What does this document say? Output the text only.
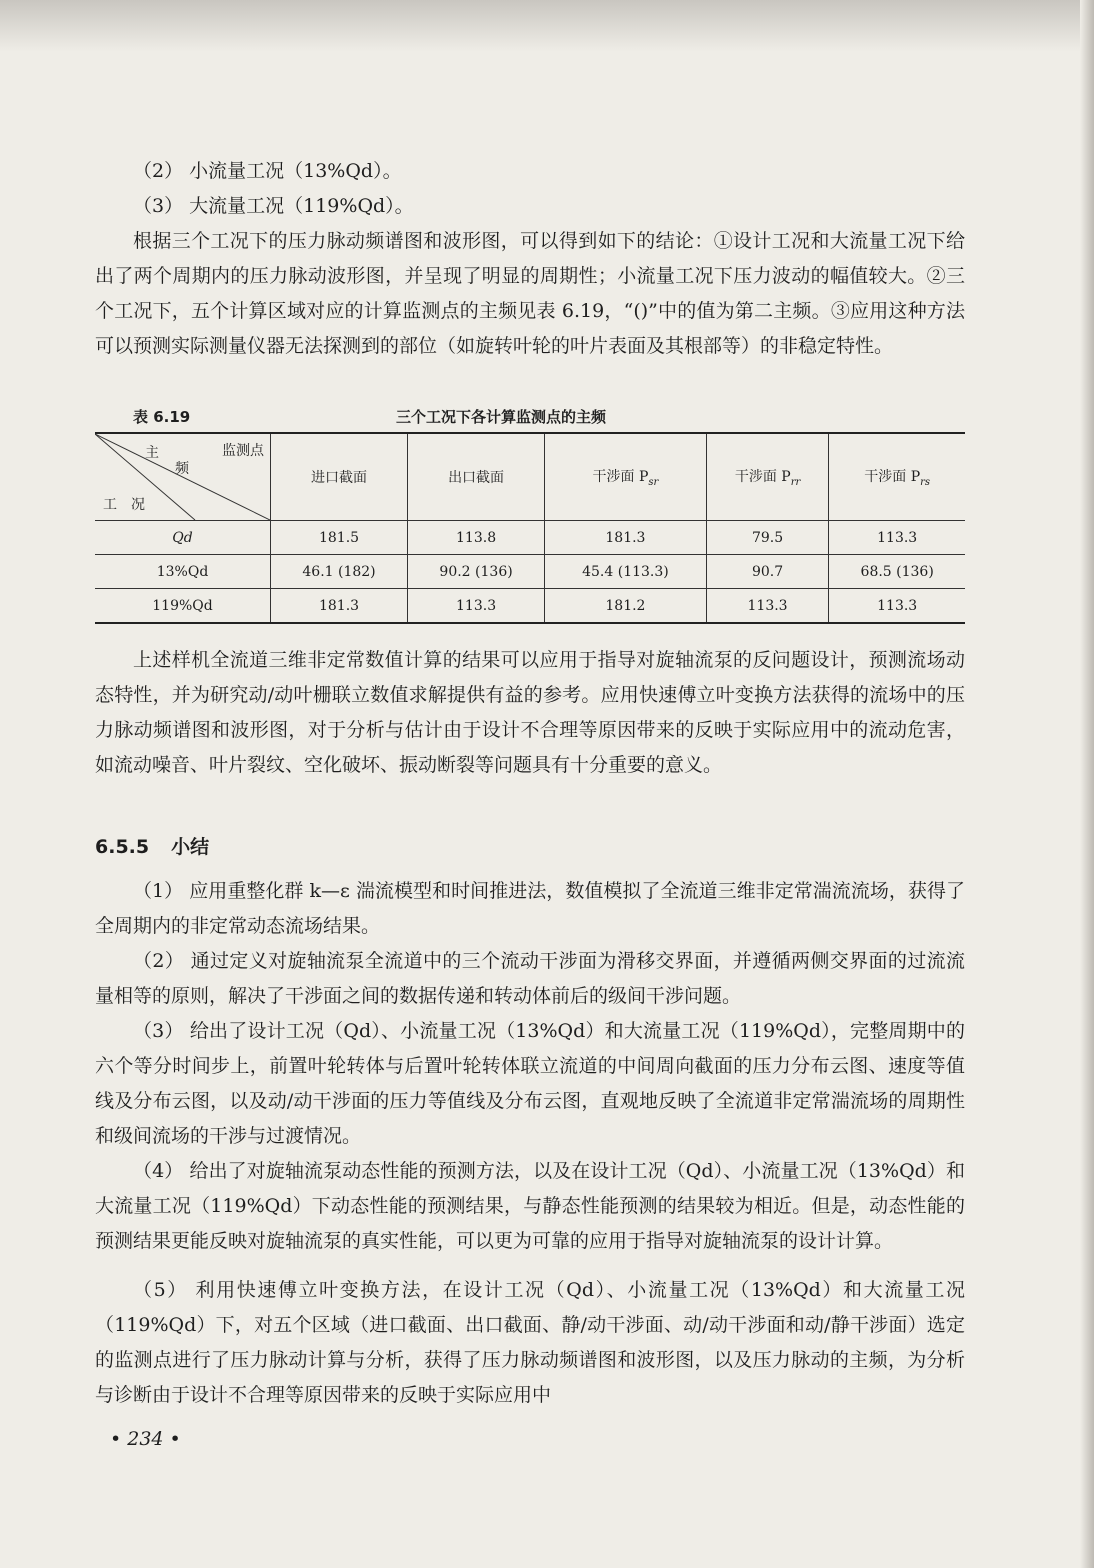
（2） 小流量工况（13%Qd）。

（3） 大流量工况（119%Qd）。

根据三个工况下的压力脉动频谱图和波形图，可以得到如下的结论：①设计工况和大流量工况下给出了两个周期内的压力脉动波形图，并呈现了明显的周期性；小流量工况下压力波动的幅值较大。②三个工况下，五个计算区域对应的计算监测点的主频见表 6.19，“()”中的值为第二主频。③应用这种方法可以预测实际测量仪器无法探测到的部位（如旋转叶轮的叶片表面及其根部等）的非稳定特性。

表 6.19	三个工况下各计算监测点的主频
监测点
主
频
工　况	进口截面	出口截面	干涉面 $P_{sr}$	干涉面 $P_{rr}$	干涉面 $P_{rs}$
Qd	181.5	113.8	181.3	79.5	113.3
13%Qd	46.1 (182)	90.2 (136)	45.4 (113.3)	90.7	68.5 (136)
119%Qd	181.3	113.3	181.2	113.3	113.3

上述样机全流道三维非定常数值计算的结果可以应用于指导对旋轴流泵的反问题设计，预测流场动态特性，并为研究动/动叶栅联立数值求解提供有益的参考。应用快速傅立叶变换方法获得的流场中的压力脉动频谱图和波形图，对于分析与估计由于设计不合理等原因带来的反映于实际应用中的流动危害，如流动噪音、叶片裂纹、空化破坏、振动断裂等问题具有十分重要的意义。

6.5.5 小结

（1） 应用重整化群 k—ε 湍流模型和时间推进法，数值模拟了全流道三维非定常湍流流场，获得了全周期内的非定常动态流场结果。

（2） 通过定义对旋轴流泵全流道中的三个流动干涉面为滑移交界面，并遵循两侧交界面的过流流量相等的原则，解决了干涉面之间的数据传递和转动体前后的级间干涉问题。

（3） 给出了设计工况（Qd）、小流量工况（13%Qd）和大流量工况（119%Qd），完整周期中的六个等分时间步上，前置叶轮转体与后置叶轮转体联立流道的中间周向截面的压力分布云图、速度等值线及分布云图，以及动/动干涉面的压力等值线及分布云图，直观地反映了全流道非定常湍流场的周期性和级间流场的干涉与过渡情况。

（4） 给出了对旋轴流泵动态性能的预测方法，以及在设计工况（Qd）、小流量工况（13%Qd）和大流量工况（119%Qd）下动态性能的预测结果，与静态性能预测的结果较为相近。但是，动态性能的预测结果更能反映对旋轴流泵的真实性能，可以更为可靠的应用于指导对旋轴流泵的设计计算。

（5） 利用快速傅立叶变换方法，在设计工况（Qd）、小流量工况（13%Qd）和大流量工况（119%Qd）下，对五个区域（进口截面、出口截面、静/动干涉面、动/动干涉面和动/静干涉面）选定的监测点进行了压力脉动计算与分析，获得了压力脉动频谱图和波形图，以及压力脉动的主频，为分析与诊断由于设计不合理等原因带来的反映于实际应用中

• 234 •
